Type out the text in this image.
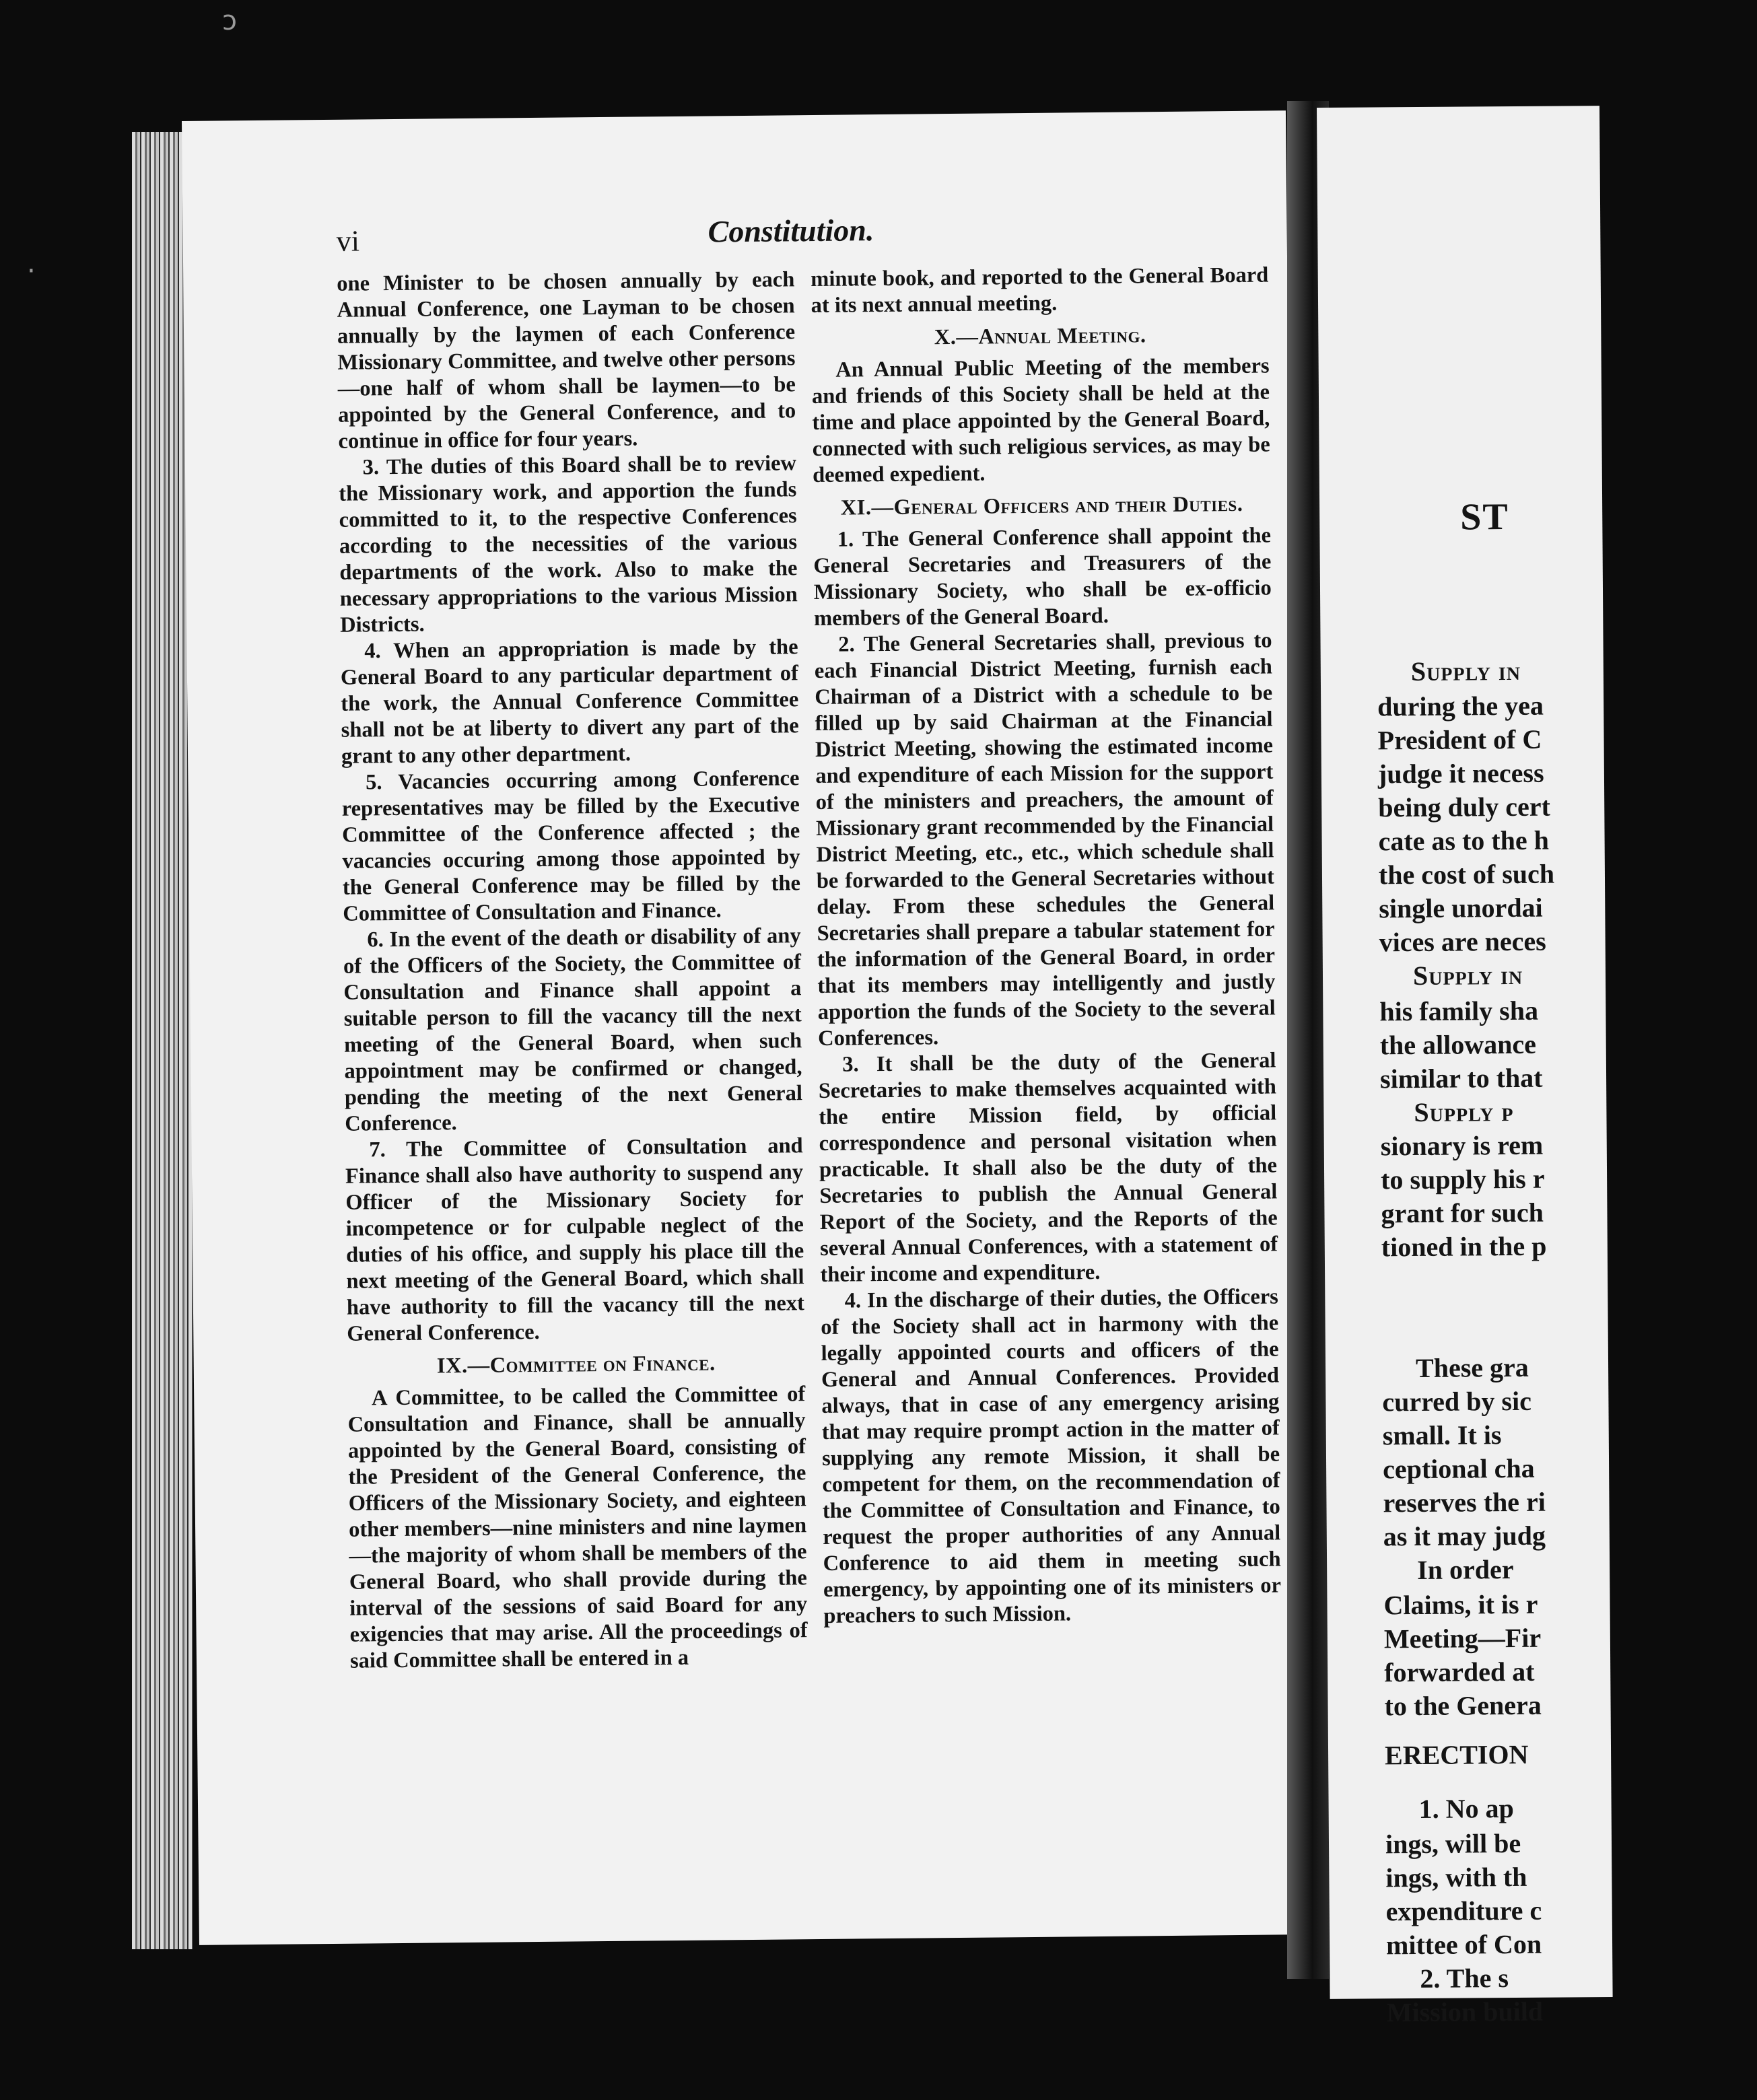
ↄ
·
vi	Constitution.

one Minister to be chosen annually by each Annual Conference, one Layman to be chosen annually by the laymen of each Conference Missionary Committee, and twelve other persons—one half of whom shall be laymen—to be appointed by the General Conference, and to continue in office for four years.

3. The duties of this Board shall be to review the Missionary work, and apportion the funds committed to it, to the respective Conferences according to the necessities of the various departments of the work. Also to make the necessary appropriations to the various Mission Districts.

4. When an appropriation is made by the General Board to any particular department of the work, the Annual Conference Committee shall not be at liberty to divert any part of the grant to any other department.

5. Vacancies occurring among Conference representatives may be filled by the Executive Committee of the Conference affected ; the vacancies occuring among those appointed by the General Conference may be filled by the Committee of Consultation and Finance.

6. In the event of the death or disability of any of the Officers of the Society, the Committee of Consultation and Finance shall appoint a suitable person to fill the vacancy till the next meeting of the General Board, when such appointment may be confirmed or changed, pending the meeting of the next General Conference.

7. The Committee of Consultation and Finance shall also have authority to suspend any Officer of the Missionary Society for incompetence or for culpable neglect of the duties of his office, and supply his place till the next meeting of the General Board, which shall have authority to fill the vacancy till the next General Conference.

IX.—Committee on Finance.

A Committee, to be called the Committee of Consultation and Finance, shall be annually appointed by the General Board, consisting of the President of the General Conference, the Officers of the Missionary Society, and eighteen other members—nine ministers and nine laymen—the majority of whom shall be members of the General Board, who shall provide during the interval of the sessions of said Board for any exigencies that may arise. All the proceedings of said Committee shall be entered in a

minute book, and reported to the General Board at its next annual meeting.

X.—Annual Meeting.

An Annual Public Meeting of the members and friends of this Society shall be held at the time and place appointed by the General Board, connected with such religious services, as may be deemed expedient.

XI.—General Officers and their Duties.

1. The General Conference shall appoint the General Secretaries and Treasurers of the Missionary Society, who shall be ex-officio members of the General Board.

2. The General Secretaries shall, previous to each Financial District Meeting, furnish each Chairman of a District with a schedule to be filled up by said Chairman at the Financial District Meeting, showing the estimated income and expenditure of each Mission for the support of the ministers and preachers, the amount of Missionary grant recommended by the Financial District Meeting, etc., etc., which schedule shall be forwarded to the General Secretaries without delay. From these schedules the General Secretaries shall prepare a tabular statement for the information of the General Board, in order that its members may intelligently and justly apportion the funds of the Society to the several Conferences.

3. It shall be the duty of the General Secretaries to make themselves acquainted with the entire Mission field, by official correspondence and personal visitation when practicable. It shall also be the duty of the Secretaries to publish the Annual General Report of the Society, and the Reports of the several Annual Conferences, with a statement of their income and expenditure.

4. In the discharge of their duties, the Officers of the Society shall act in harmony with the legally appointed courts and officers of the General and Annual Conferences. Provided always, that in case of any emergency arising that may require prompt action in the matter of supplying any remote Mission, it shall be competent for them, on the recommendation of the Committee of Consultation and Finance, to request the proper authorities of any Annual Conference to aid them in meeting such emergency, by appointing one of its ministers or preachers to such Mission.

ST
Supply in
during the yea
President of C
judge it necess
being duly cert
cate as to the h
the cost of such
single unordai
vices are neces
Supply in
his family sha
the allowance
similar to that
Supply p
sionary is rem
to supply his r
grant for such
tioned in the p
These gra
curred by sic
small. It is
ceptional cha
reserves the ri
as it may judg
In order
Claims, it is r
Meeting—Fir
forwarded at
to the Genera
ERECTION
1. No ap
ings, will be
ings, with th
expenditure c
mittee of Con
2. The s
Mission build
